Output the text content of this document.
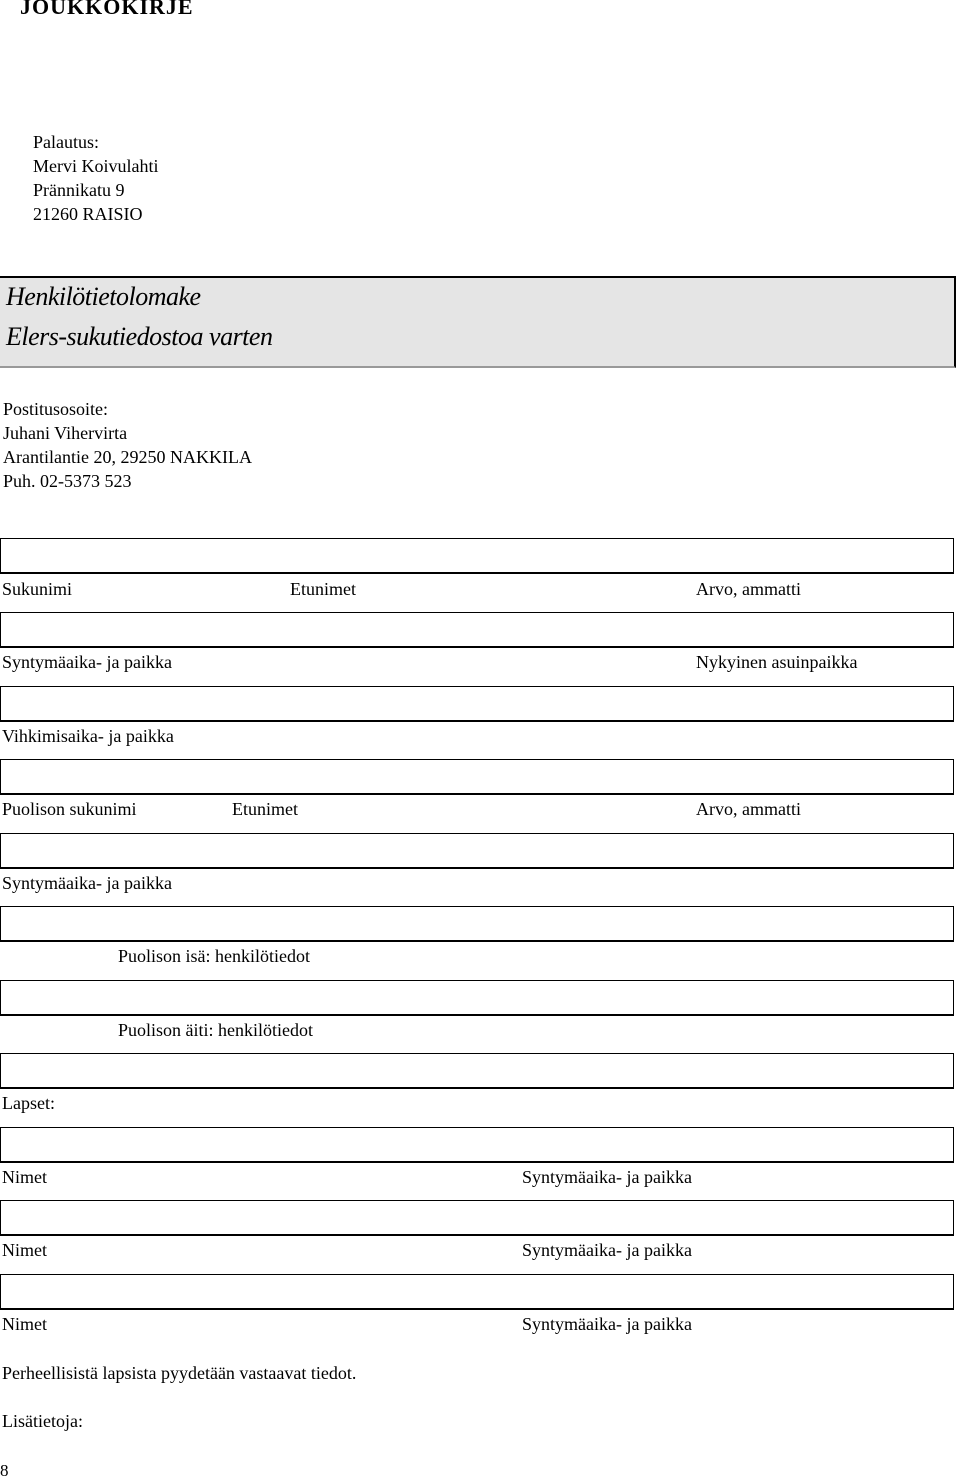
JOUKKOKIRJE
Palautus:
Mervi Koivulahti
Prännikatu 9
21260 RAISIO
Henkilötietolomake
Elers-sukutiedostoa varten
Postitusosoite:
Juhani Vihervirta
Arantilantie 20, 29250 NAKKILA
Puh. 02-5373 523
Sukunimi	Etunimet	Arvo, ammatti
Syntymäaika- ja paikka	Nykyinen asuinpaikka
Vihkimisaika- ja paikka
Puolison sukunimi	Etunimet	Arvo, ammatti
Syntymäaika- ja paikka
Puolison isä: henkilötiedot
Puolison äiti: henkilötiedot
Lapset:
Nimet	Syntymäaika- ja paikka
Nimet	Syntymäaika- ja paikka
Nimet	Syntymäaika- ja paikka
Perheellisistä lapsista pyydetään vastaavat tiedot.
Lisätietoja:
8
